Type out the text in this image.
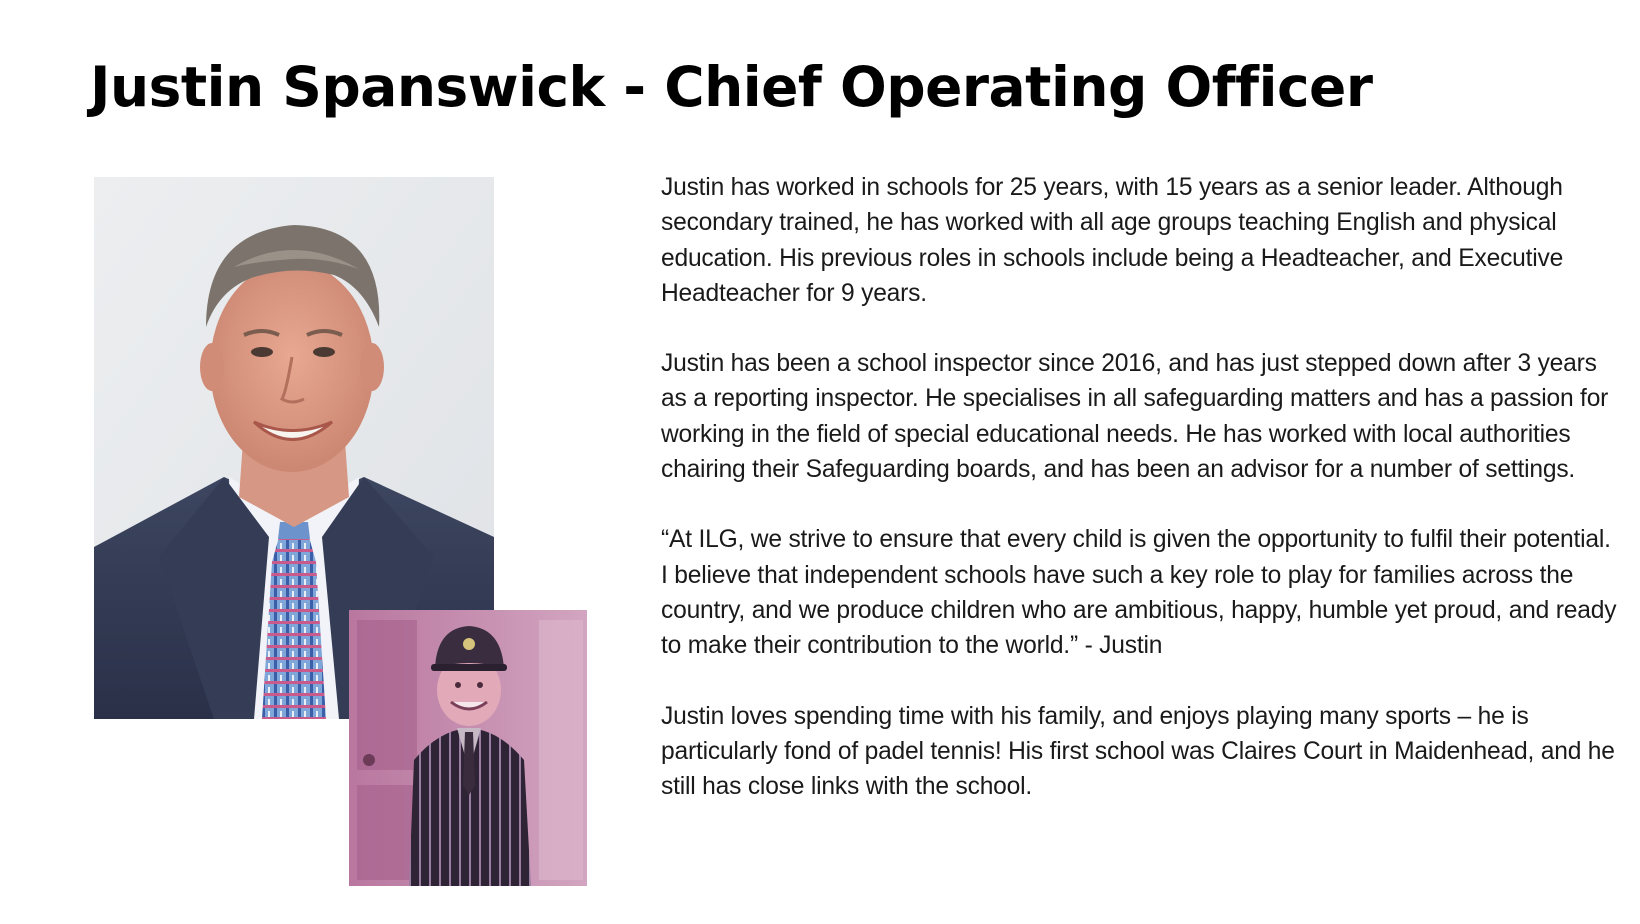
Justin Spanswick - Chief Operating Officer

Justin has worked in schools for 25 years, with 15 years as a senior leader. Although secondary trained, he has worked with all age groups teaching English and physical education. His previous roles in schools include being a Headteacher, and Executive Headteacher for 9 years.

Justin has been a school inspector since 2016, and has just stepped down after 3 years as a reporting inspector. He specialises in all safeguarding matters and has a passion for working in the field of special educational needs. He has worked with local authorities chairing their Safeguarding boards, and has been an advisor for a number of settings.

“At ILG, we strive to ensure that every child is given the opportunity to fulfil their potential. I believe that independent schools have such a key role to play for families across the country, and we produce children who are ambitious, happy, humble yet proud, and ready to make their contribution to the world.” - Justin

Justin loves spending time with his family, and enjoys playing many sports – he is particularly fond of padel tennis! His first school was Claires Court in Maidenhead, and he still has close links with the school.
